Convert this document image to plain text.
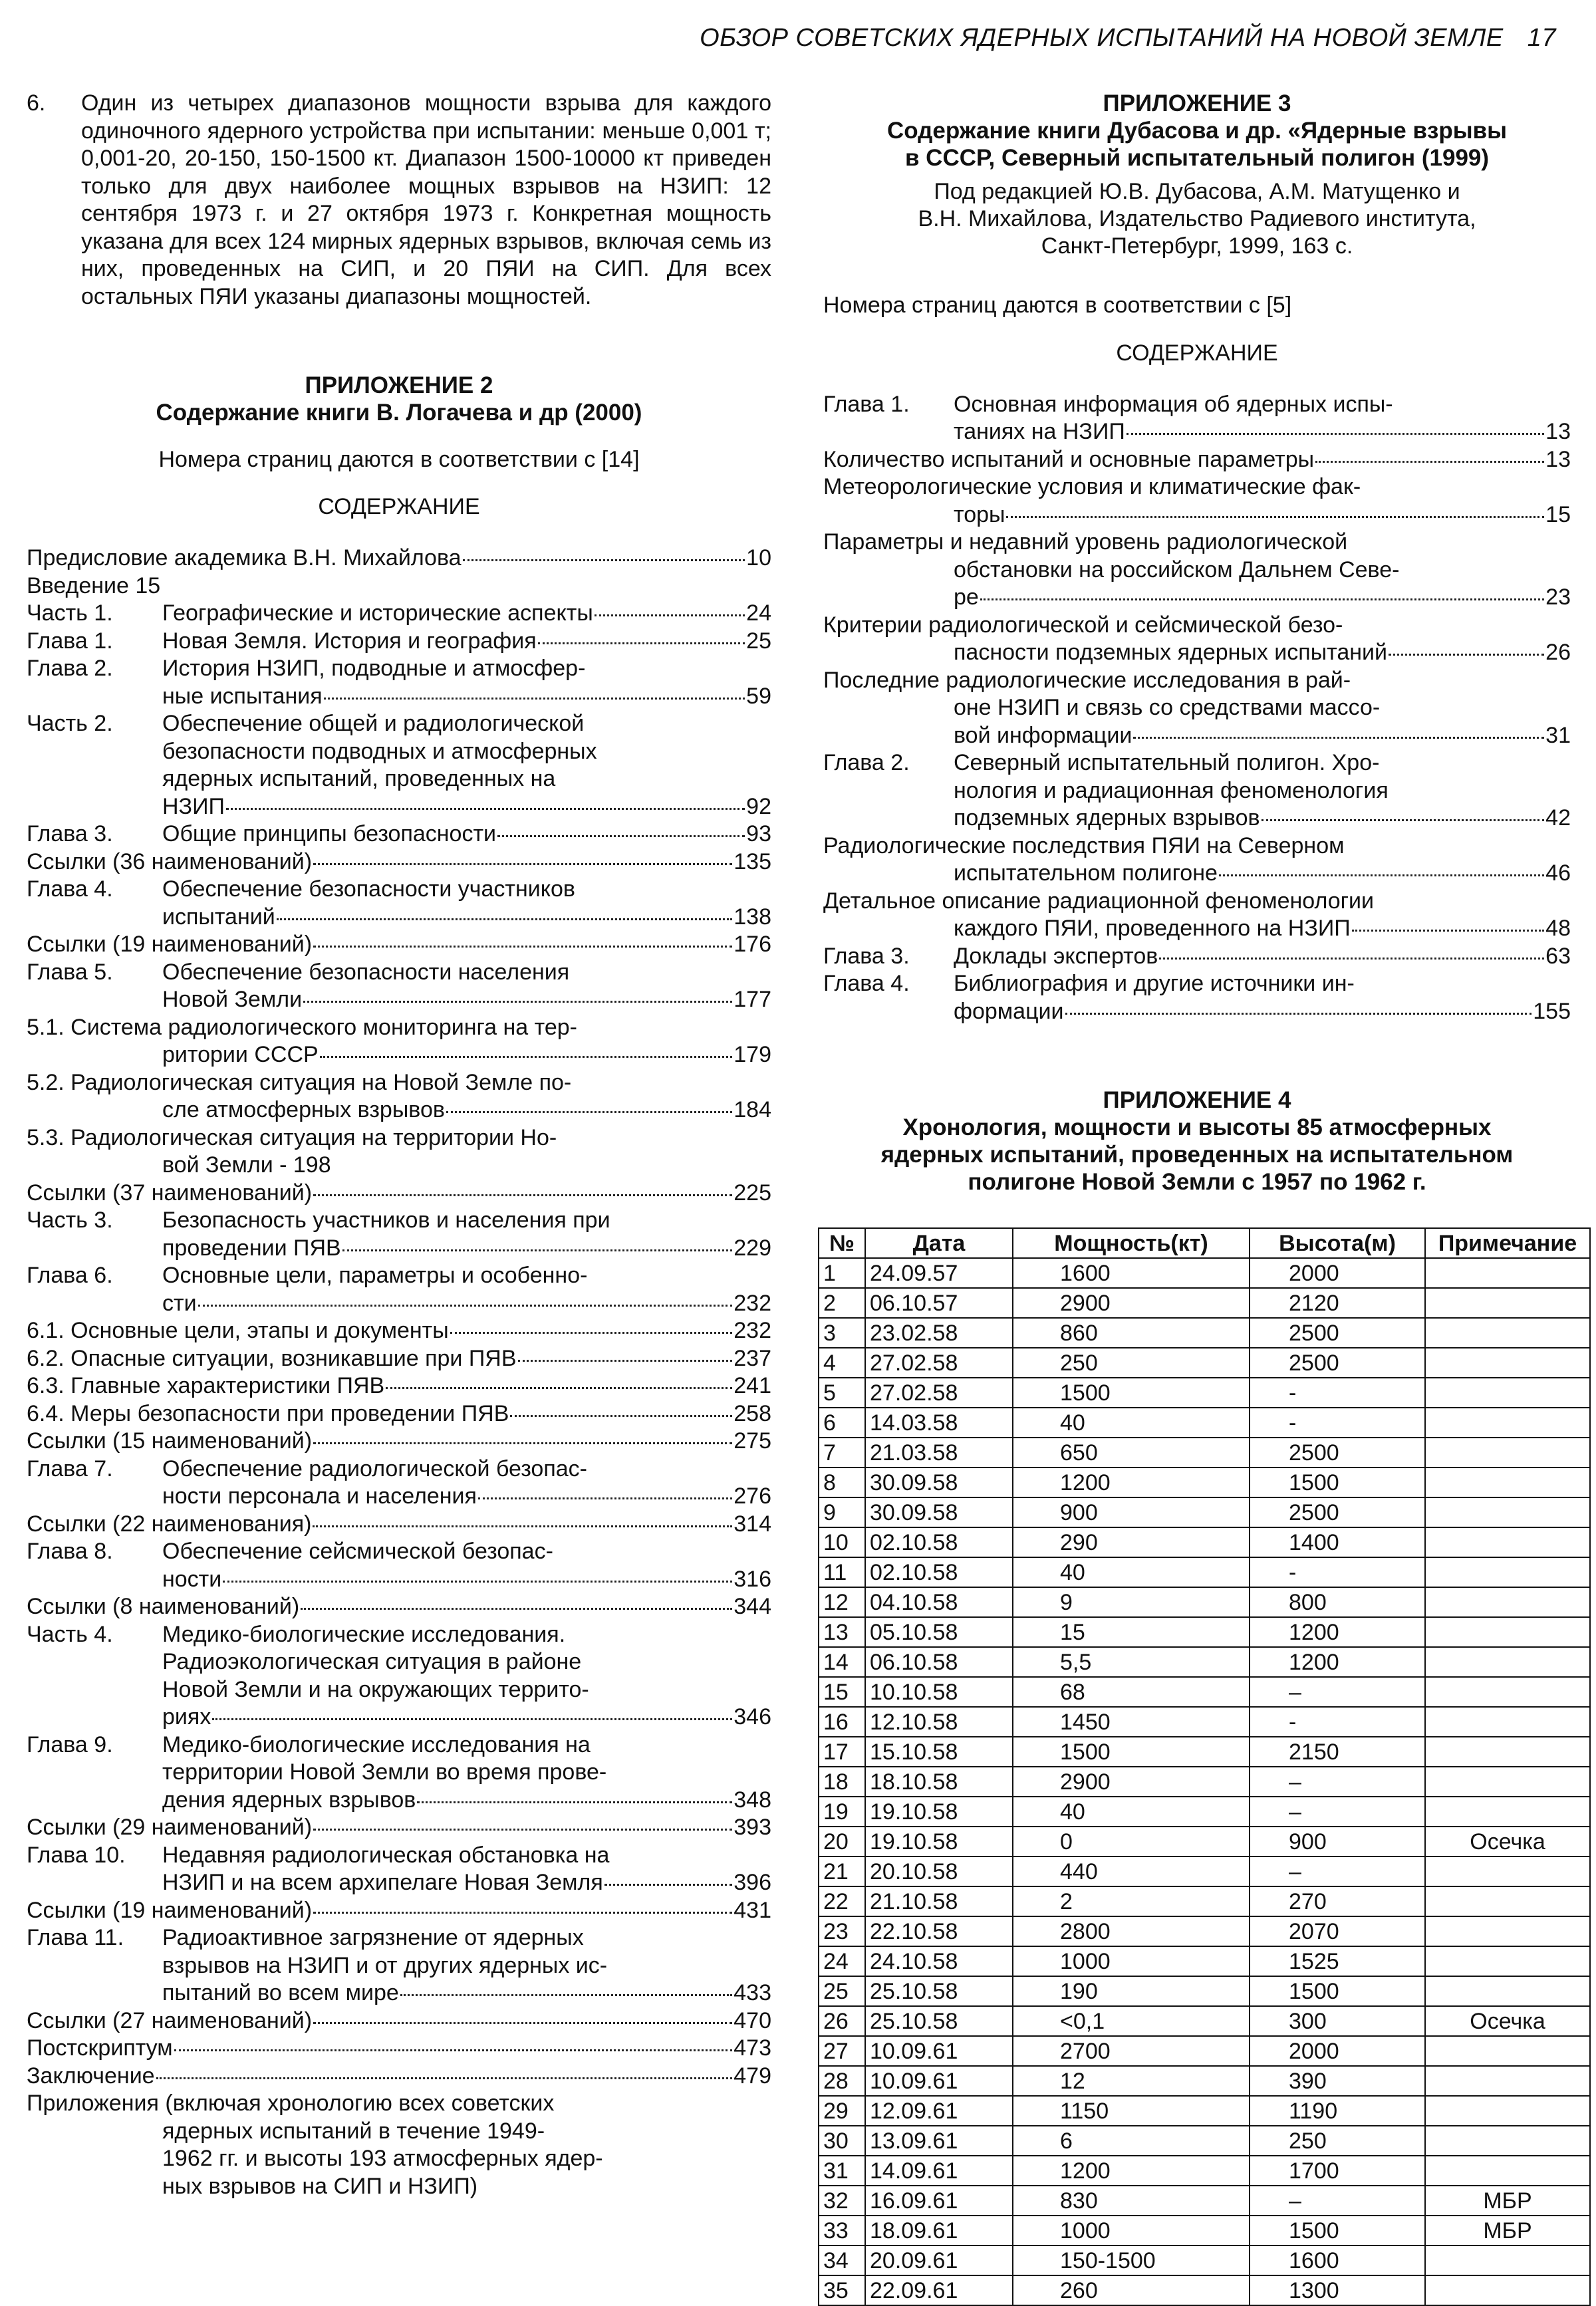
ОБЗОР СОВЕТСКИХ ЯДЕРНЫХ ИСПЫТАНИЙ НА НОВОЙ ЗЕМЛЕ 17
6.	Один из четырех диапазонов мощности взрыва для каждого одиночного ядерного устройства при испытании: меньше 0,001 т; 0,001-20, 20-150, 150-1500 кт. Диапазон 1500-10000 кт приведен только для двух наиболее мощных взрывов на НЗИП: 12 сентября 1973 г. и 27 октября 1973 г. Конкретная мощность указана для всех 124 мирных ядерных взрывов, включая семь из них, проведенных на СИП, и 20 ПЯИ на СИП. Для всех остальных ПЯИ указаны диапазоны мощностей.
ПРИЛОЖЕНИЕ 2
Содержание книги В. Логачева и др (2000)
Номера страниц даются в соответствии с [14]
СОДЕРЖАНИЕ
Предисловие академика В.Н. Михайлова	10
Введение 15
Часть 1.	Географические и исторические аспекты	24
Глава 1.	Новая Земля. История и география	25
Глава 2.	История НЗИП, подводные и атмосфер-
ные испытания	59
Часть 2.	Обеспечение общей и радиологической
безопасности подводных и атмосферных
ядерных испытаний, проведенных на
НЗИП	92
Глава 3.	Общие принципы безопасности	93
Ссылки (36 наименований)	135
Глава 4.	Обеспечение безопасности участников
испытаний	138
Ссылки (19 наименований)	176
Глава 5.	Обеспечение безопасности населения
Новой Земли	177
5.1. Система радиологического мониторинга на тер-
ритории СССР	179
5.2. Радиологическая ситуация на Новой Земле по-
сле атмосферных взрывов	184
5.3. Радиологическая ситуация на территории Но-
вой Земли - 198
Ссылки (37 наименований)	225
Часть 3.	Безопасность участников и населения при
проведении ПЯВ	229
Глава 6.	Основные цели, параметры и особенно-
сти	232
6.1. Основные цели, этапы и документы	232
6.2. Опасные ситуации, возникавшие при ПЯВ	237
6.3. Главные характеристики ПЯВ	241
6.4. Меры безопасности при проведении ПЯВ	258
Ссылки (15 наименований)	275
Глава 7.	Обеспечение радиологической безопас-
ности персонала и населения	276
Ссылки (22 наименования)	314
Глава 8.	Обеспечение сейсмической безопас-
ности	316
Ссылки (8 наименований)	344
Часть 4.	Медико-биологические исследования.
Радиоэкологическая ситуация в районе
Новой Земли и на окружающих террито-
риях	346
Глава 9.	Медико-биологические исследования на
территории Новой Земли во время прове-
дения ядерных взрывов	348
Ссылки (29 наименований)	393
Глава 10.	Недавняя радиологическая обстановка на
НЗИП и на всем архипелаге Новая Земля	396
Ссылки (19 наименований)	431
Глава 11.	Радиоактивное загрязнение от ядерных
взрывов на НЗИП и от других ядерных ис-
пытаний во всем мире	433
Ссылки (27 наименований)	470
Постскриптум	473
Заключение	479
Приложения (включая хронологию всех советских
ядерных испытаний в течение 1949-
1962 гг. и высоты 193 атмосферных ядер-
ных взрывов на СИП и НЗИП)
ПРИЛОЖЕНИЕ 3
Содержание книги Дубасова и др. «Ядерные взрывы
в СССР, Северный испытательный полигон (1999)
Под редакцией Ю.В. Дубасова, А.М. Матущенко и
В.Н. Михайлова, Издательство Радиевого института,
Санкт-Петербург, 1999, 163 с.
Номера страниц даются в соответствии с [5]
СОДЕРЖАНИЕ
Глава 1.	Основная информация об ядерных испы-
таниях на НЗИП	13
Количество испытаний и основные параметры	13
Метеорологические условия и климатические фак-
торы	15
Параметры и недавний уровень радиологической
обстановки на российском Дальнем Севе-
ре	23
Критерии радиологической и сейсмической безо-
пасности подземных ядерных испытаний	26
Последние радиологические исследования в рай-
оне НЗИП и связь со средствами массо-
вой информации	31
Глава 2.	Северный испытательный полигон. Хро-
нология и радиационная феноменология
подземных ядерных взрывов	42
Радиологические последствия ПЯИ на Северном
испытательном полигоне	46
Детальное описание радиационной феноменологии
каждого ПЯИ, проведенного на НЗИП	48
Глава 3.	Доклады экспертов	63
Глава 4.	Библиография и другие источники ин-
формации	155
ПРИЛОЖЕНИЕ 4
Хронология, мощности и высоты 85 атмосферных
ядерных испытаний, проведенных на испытательном
полигоне Новой Земли с 1957 по 1962 г.
№	Дата	Мощность(кт)	Высота(м)	Примечание
1	24.09.57	1600	2000	
2	06.10.57	2900	2120	
3	23.02.58	860	2500	
4	27.02.58	250	2500	
5	27.02.58	1500	-	
6	14.03.58	40	-	
7	21.03.58	650	2500	
8	30.09.58	1200	1500	
9	30.09.58	900	2500	
10	02.10.58	290	1400	
11	02.10.58	40	-	
12	04.10.58	9	800	
13	05.10.58	15	1200	
14	06.10.58	5,5	1200	
15	10.10.58	68	–	
16	12.10.58	1450	-	
17	15.10.58	1500	2150	
18	18.10.58	2900	–	
19	19.10.58	40	–	
20	19.10.58	0	900	Осечка
21	20.10.58	440	–	
22	21.10.58	2	270	
23	22.10.58	2800	2070	
24	24.10.58	1000	1525	
25	25.10.58	190	1500	
26	25.10.58	<0,1	300	Осечка
27	10.09.61	2700	2000	
28	10.09.61	12	390	
29	12.09.61	1150	1190	
30	13.09.61	6	250	
31	14.09.61	1200	1700	
32	16.09.61	830	–	МБР
33	18.09.61	1000	1500	МБР
34	20.09.61	150-1500	1600	
35	22.09.61	260	1300	
